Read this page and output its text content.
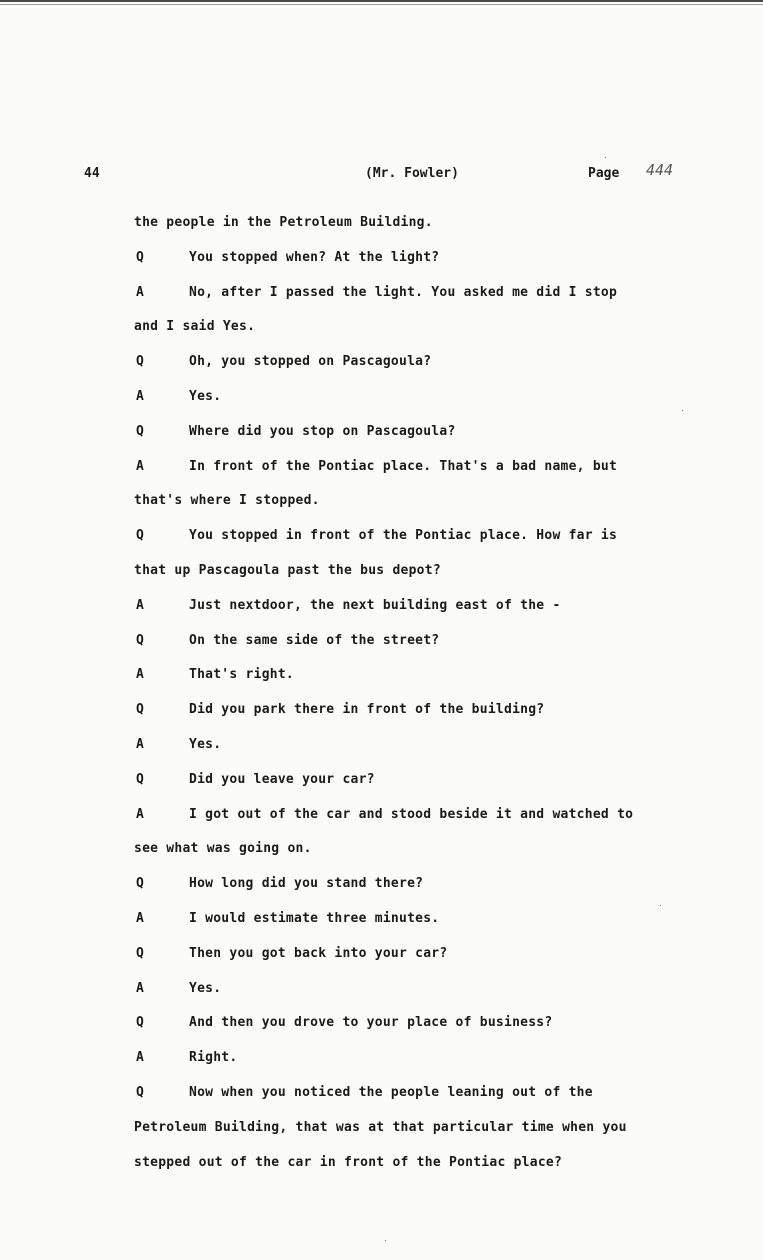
44	(Mr. Fowler)	Page 444
the people in the Petroleum Building.
Q	You stopped when? At the light?
A	No, after I passed the light. You asked me did I stop
and I said Yes.
Q	Oh, you stopped on Pascagoula?
A	Yes.
Q	Where did you stop on Pascagoula?
A	In front of the Pontiac place. That's a bad name, but
that's where I stopped.
Q	You stopped in front of the Pontiac place. How far is
that up Pascagoula past the bus depot?
A	Just nextdoor, the next building east of the -
Q	On the same side of the street?
A	That's right.
Q	Did you park there in front of the building?
A	Yes.
Q	Did you leave your car?
A	I got out of the car and stood beside it and watched to
see what was going on.
Q	How long did you stand there?
A	I would estimate three minutes.
Q	Then you got back into your car?
A	Yes.
Q	And then you drove to your place of business?
A	Right.
Q	Now when you noticed the people leaning out of the
Petroleum Building, that was at that particular time when you
stepped out of the car in front of the Pontiac place?
